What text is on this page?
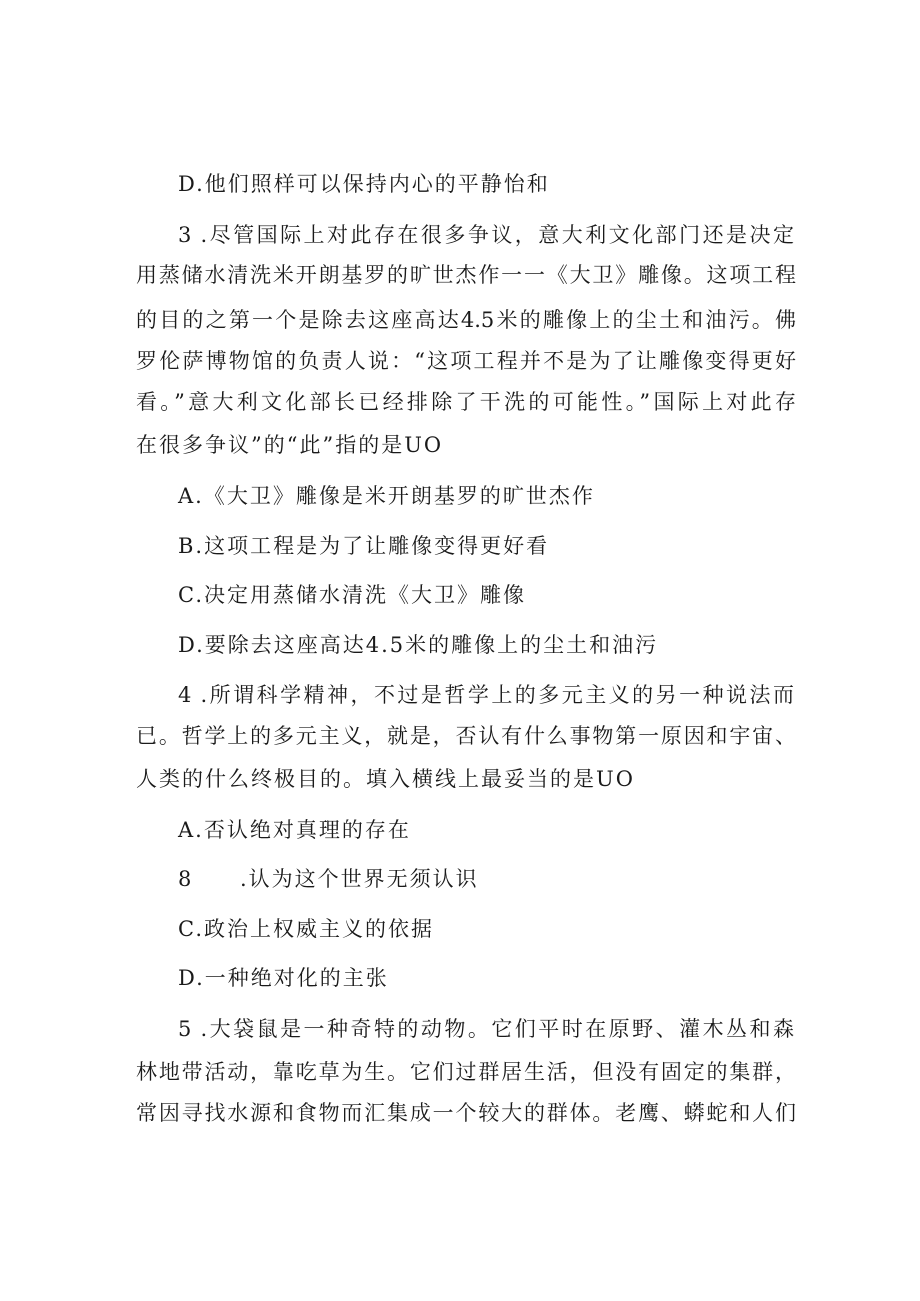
D.他们照样可以保持内心的平静怡和
3 .尽管国际上对此存在很多争议，意大利文化部门还是决定
用蒸储水清洗米开朗基罗的旷世杰作一一《大卫》雕像。这项工程
的目的之第一个是除去这座高达4.5米的雕像上的尘土和油污。佛
罗伦萨博物馆的负责人说：“这项工程并不是为了让雕像变得更好
看。”意大利文化部长已经排除了干洗的可能性。”国际上对此存
在很多争议”的“此”指的是UO
A.《大卫》雕像是米开朗基罗的旷世杰作
B.这项工程是为了让雕像变得更好看
C.决定用蒸储水清洗《大卫》雕像
D.要除去这座高达4.5米的雕像上的尘土和油污
4 .所谓科学精神，不过是哲学上的多元主义的另一种说法而
已。哲学上的多元主义，就是，否认有什么事物第一原因和宇宙、
人类的什么终极目的。填入横线上最妥当的是UO
A.否认绝对真理的存在
8 .认为这个世界无须认识
C.政治上权威主义的依据
D.一种绝对化的主张
5 .大袋鼠是一种奇特的动物。它们平时在原野、灌木丛和森
林地带活动，靠吃草为生。它们过群居生活，但没有固定的集群，
常因寻找水源和食物而汇集成一个较大的群体。老鹰、蟒蛇和人们
